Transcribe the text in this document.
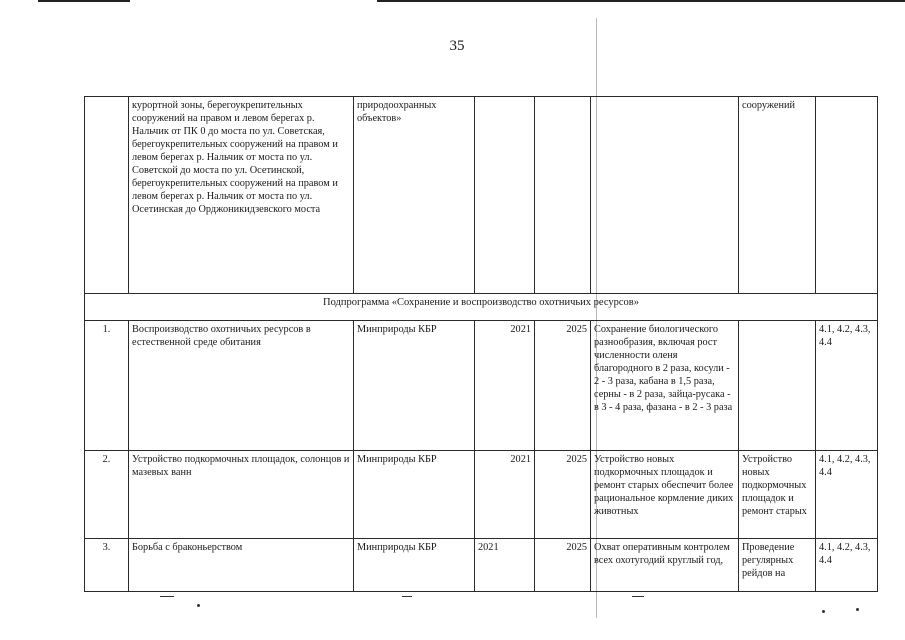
35
	курортной зоны, берегоукрепительных сооружений на правом и левом берегах р. Нальчик от ПК 0 до моста по ул. Советская, берегоукрепительных сооружений на правом и левом берегах р. Нальчик от моста по ул. Советской до моста по ул. Осетинской, берегоукрепительных сооружений на правом и левом берегах р. Нальчик от моста по ул. Осетинская до Орджоникидзевского моста	природоохранных объектов»				сооружений	
Подпрограмма «Сохранение и воспроизводство охотничьих ресурсов»							
1.	Воспроизводство охотничьих ресурсов в естественной среде обитания	Минприроды КБР	2021	2025	Сохранение биологического разнообразия, включая рост численности оленя благородного в 2 раза, косули - 2 - 3 раза, кабана в 1,5 раза, серны - в 2 раза, зайца-русака - в 3 - 4 раза, фазана - в 2 - 3 раза		4.1, 4.2, 4.3, 4.4
2.	Устройство подкормочных площадок, солонцов и мазевых ванн	Минприроды КБР	2021	2025	Устройство новых подкормочных площадок и ремонт старых обеспечит более рациональное кормление диких животных	Устройство новых подкормочных площадок и ремонт старых	4.1, 4.2, 4.3, 4.4
3.	Борьба с браконьерством	Минприроды КБР	2021	2025	Охват оперативным контролем всех охотугодий круглый год,	Проведение регулярных рейдов на	4.1, 4.2, 4.3, 4.4
